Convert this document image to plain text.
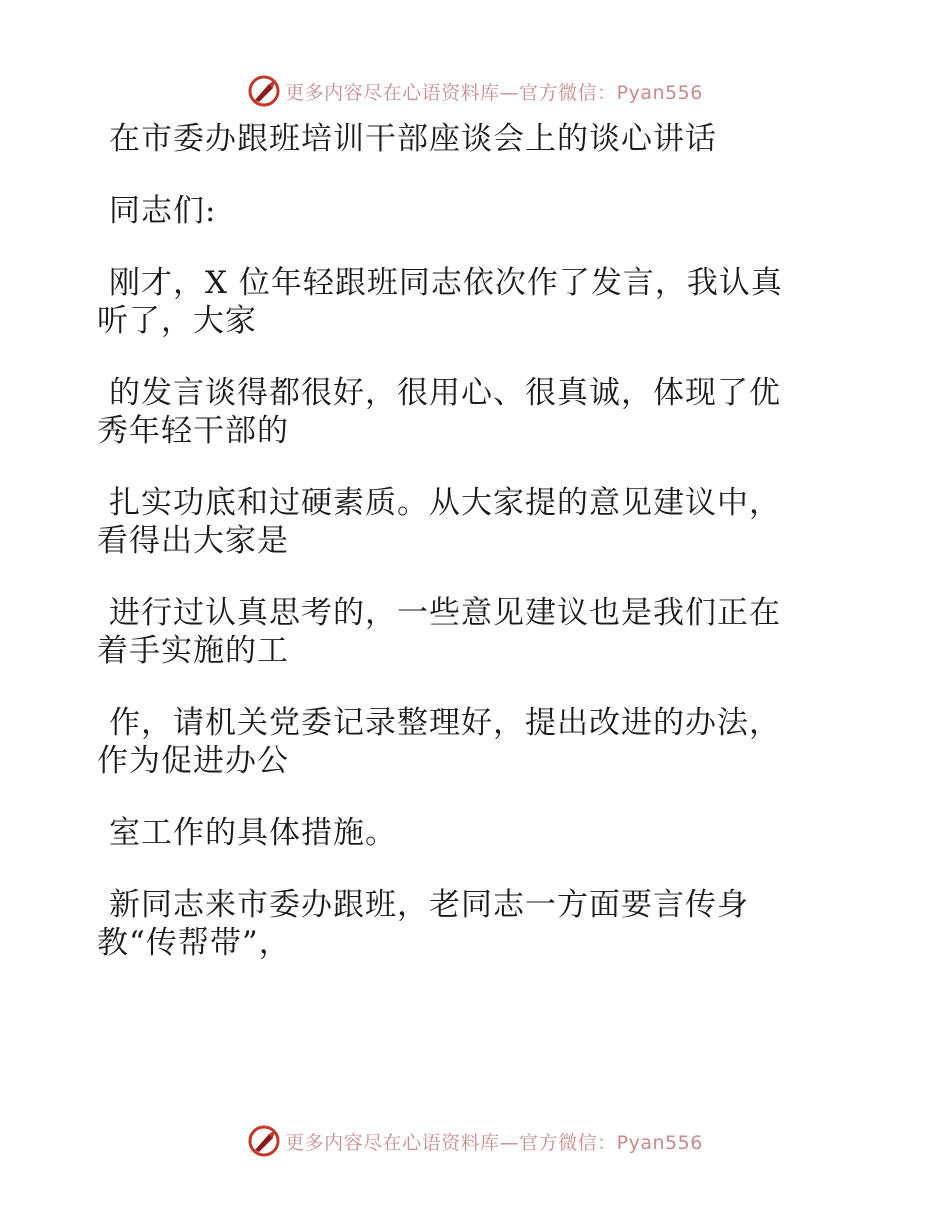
更多内容尽在心语资料库—官方微信：Pyan556
在市委办跟班培训干部座谈会上的谈心讲话

同志们:

刚才，X 位年轻跟班同志依次作了发言，我认真
听了，大家

的发言谈得都很好，很用心、很真诚，体现了优
秀年轻干部的

扎实功底和过硬素质。从大家提的意见建议中，
看得出大家是

进行过认真思考的，一些意见建议也是我们正在
着手实施的工

作，请机关党委记录整理好，提出改进的办法，
作为促进办公

室工作的具体措施。

新同志来市委办跟班，老同志一方面要言传身
教“传帮带”，

更多内容尽在心语资料库—官方微信：Pyan556
